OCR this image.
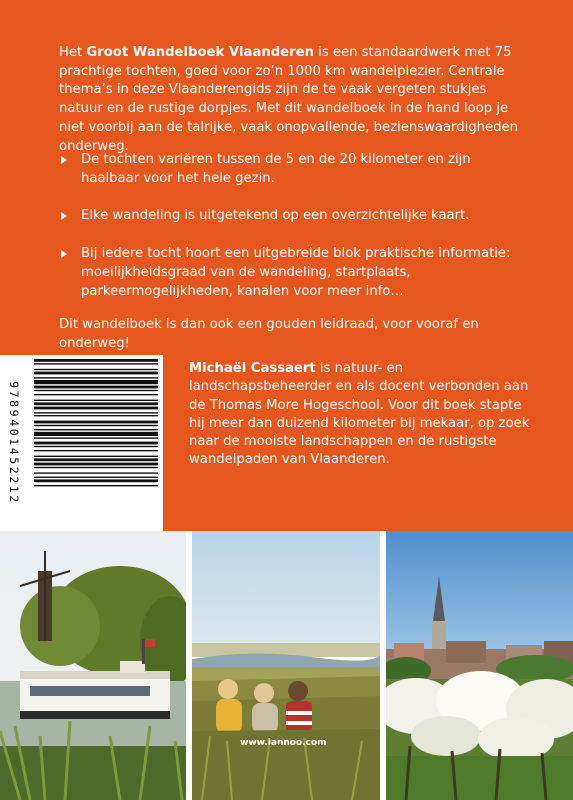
Het Groot Wandelboek Vlaanderen is een standaardwerk met 75 prachtige tochten, goed voor zo’n 1000 km wandelplezier. Centrale thema’s in deze Vlaanderengids zijn de te vaak vergeten stukjes natuur en de rustige dorpjes. Met dit wandelboek in de hand loop je niet voorbij aan de talrijke, vaak onopvallende, bezienswaardigheden onderweg.

De tochten variëren tussen de 5 en de 20 kilometer en zijn haalbaar voor het hele gezin.
Elke wandeling is uitgetekend op een overzichtelijke kaart.
Bij iedere tocht hoort een uitgebreide blok praktische informatie: moeilijkheidsgraad van de wandeling, startplaats, parkeermogelijkheden, kanalen voor meer info…

Dit wandelboek is dan ook een gouden leidraad, voor vooraf en onderweg!

9789401452212

Michaël Cassaert is natuur- en landschapsbeheerder en als docent verbonden aan de Thomas More Hogeschool. Voor dit boek stapte hij meer dan duizend kilometer bij mekaar, op zoek naar de mooiste landschappen en de rustigste wandelpaden van Vlaanderen.

www.lannoo.com
